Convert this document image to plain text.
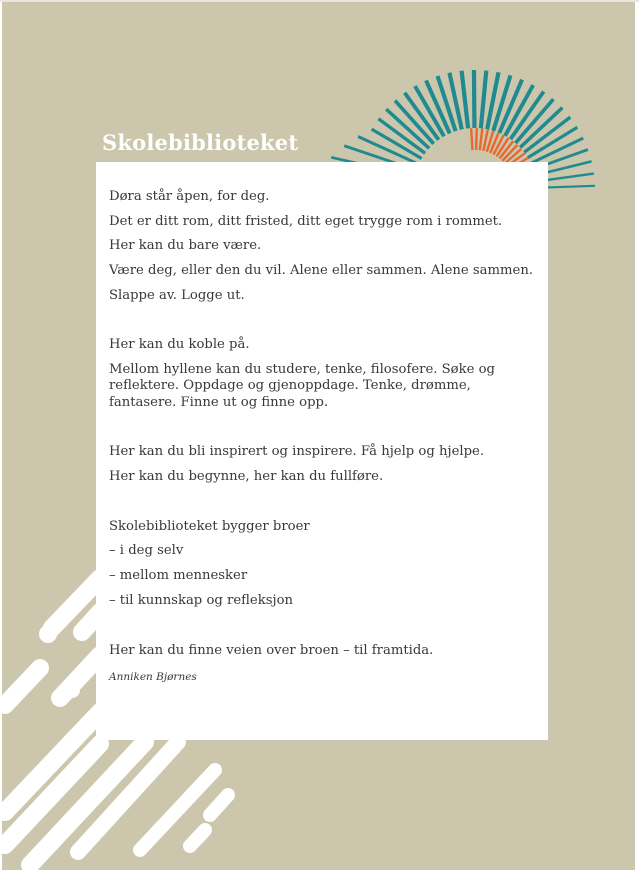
Skolebiblioteket

Døra står åpen, for deg.

Det er ditt rom, ditt fristed, ditt eget trygge rom i rommet.

Her kan du bare være.

Være deg, eller den du vil. Alene eller sammen. Alene sammen.

Slappe av. Logge ut.

Her kan du koble på.

Mellom hyllene kan du studere, tenke, filosofere. Søke og reflektere. Oppdage og gjenoppdage. Tenke, drømme, fantasere. Finne ut og finne opp.

Her kan du bli inspirert og inspirere. Få hjelp og hjelpe.

Her kan du begynne, her kan du fullføre.

Skolebiblioteket bygger broer

– i deg selv

– mellom mennesker

– til kunnskap og refleksjon

Her kan du finne veien over broen – til framtida.

Anniken Bjørnes
